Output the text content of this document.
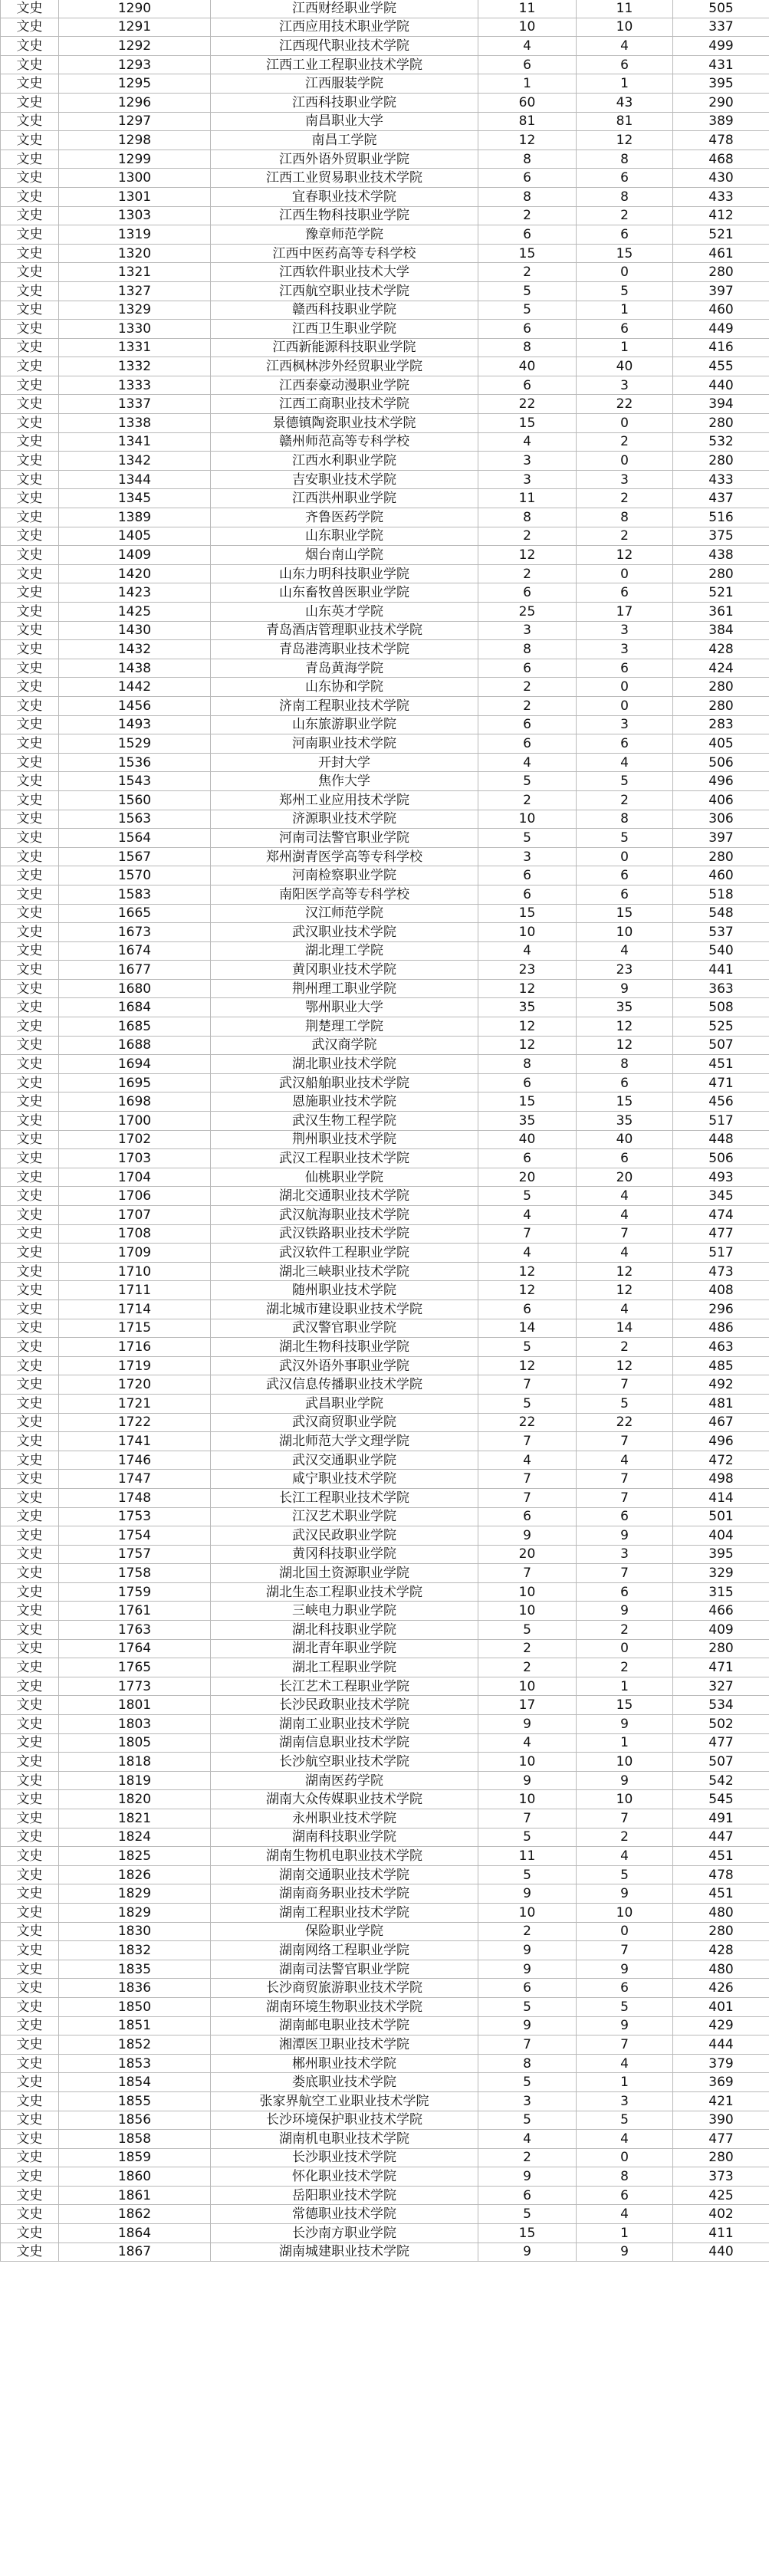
文史	1290	江西财经职业学院	11	11	505
文史	1291	江西应用技术职业学院	10	10	337
文史	1292	江西现代职业技术学院	4	4	499
文史	1293	江西工业工程职业技术学院	6	6	431
文史	1295	江西服装学院	1	1	395
文史	1296	江西科技职业学院	60	43	290
文史	1297	南昌职业大学	81	81	389
文史	1298	南昌工学院	12	12	478
文史	1299	江西外语外贸职业学院	8	8	468
文史	1300	江西工业贸易职业技术学院	6	6	430
文史	1301	宜春职业技术学院	8	8	433
文史	1303	江西生物科技职业学院	2	2	412
文史	1319	豫章师范学院	6	6	521
文史	1320	江西中医药高等专科学校	15	15	461
文史	1321	江西软件职业技术大学	2	0	280
文史	1327	江西航空职业技术学院	5	5	397
文史	1329	赣西科技职业学院	5	1	460
文史	1330	江西卫生职业学院	6	6	449
文史	1331	江西新能源科技职业学院	8	1	416
文史	1332	江西枫林涉外经贸职业学院	40	40	455
文史	1333	江西泰豪动漫职业学院	6	3	440
文史	1337	江西工商职业技术学院	22	22	394
文史	1338	景德镇陶瓷职业技术学院	15	0	280
文史	1341	赣州师范高等专科学校	4	2	532
文史	1342	江西水利职业学院	3	0	280
文史	1344	吉安职业技术学院	3	3	433
文史	1345	江西洪州职业学院	11	2	437
文史	1389	齐鲁医药学院	8	8	516
文史	1405	山东职业学院	2	2	375
文史	1409	烟台南山学院	12	12	438
文史	1420	山东力明科技职业学院	2	0	280
文史	1423	山东畜牧兽医职业学院	6	6	521
文史	1425	山东英才学院	25	17	361
文史	1430	青岛酒店管理职业技术学院	3	3	384
文史	1432	青岛港湾职业技术学院	8	3	428
文史	1438	青岛黄海学院	6	6	424
文史	1442	山东协和学院	2	0	280
文史	1456	济南工程职业技术学院	2	0	280
文史	1493	山东旅游职业学院	6	3	283
文史	1529	河南职业技术学院	6	6	405
文史	1536	开封大学	4	4	506
文史	1543	焦作大学	5	5	496
文史	1560	郑州工业应用技术学院	2	2	406
文史	1563	济源职业技术学院	10	8	306
文史	1564	河南司法警官职业学院	5	5	397
文史	1567	郑州澍青医学高等专科学校	3	0	280
文史	1570	河南检察职业学院	6	6	460
文史	1583	南阳医学高等专科学校	6	6	518
文史	1665	汉江师范学院	15	15	548
文史	1673	武汉职业技术学院	10	10	537
文史	1674	湖北理工学院	4	4	540
文史	1677	黄冈职业技术学院	23	23	441
文史	1680	荆州理工职业学院	12	9	363
文史	1684	鄂州职业大学	35	35	508
文史	1685	荆楚理工学院	12	12	525
文史	1688	武汉商学院	12	12	507
文史	1694	湖北职业技术学院	8	8	451
文史	1695	武汉船舶职业技术学院	6	6	471
文史	1698	恩施职业技术学院	15	15	456
文史	1700	武汉生物工程学院	35	35	517
文史	1702	荆州职业技术学院	40	40	448
文史	1703	武汉工程职业技术学院	6	6	506
文史	1704	仙桃职业学院	20	20	493
文史	1706	湖北交通职业技术学院	5	4	345
文史	1707	武汉航海职业技术学院	4	4	474
文史	1708	武汉铁路职业技术学院	7	7	477
文史	1709	武汉软件工程职业学院	4	4	517
文史	1710	湖北三峡职业技术学院	12	12	473
文史	1711	随州职业技术学院	12	12	408
文史	1714	湖北城市建设职业技术学院	6	4	296
文史	1715	武汉警官职业学院	14	14	486
文史	1716	湖北生物科技职业学院	5	2	463
文史	1719	武汉外语外事职业学院	12	12	485
文史	1720	武汉信息传播职业技术学院	7	7	492
文史	1721	武昌职业学院	5	5	481
文史	1722	武汉商贸职业学院	22	22	467
文史	1741	湖北师范大学文理学院	7	7	496
文史	1746	武汉交通职业学院	4	4	472
文史	1747	咸宁职业技术学院	7	7	498
文史	1748	长江工程职业技术学院	7	7	414
文史	1753	江汉艺术职业学院	6	6	501
文史	1754	武汉民政职业学院	9	9	404
文史	1757	黄冈科技职业学院	20	3	395
文史	1758	湖北国土资源职业学院	7	7	329
文史	1759	湖北生态工程职业技术学院	10	6	315
文史	1761	三峡电力职业学院	10	9	466
文史	1763	湖北科技职业学院	5	2	409
文史	1764	湖北青年职业学院	2	0	280
文史	1765	湖北工程职业学院	2	2	471
文史	1773	长江艺术工程职业学院	10	1	327
文史	1801	长沙民政职业技术学院	17	15	534
文史	1803	湖南工业职业技术学院	9	9	502
文史	1805	湖南信息职业技术学院	4	1	477
文史	1818	长沙航空职业技术学院	10	10	507
文史	1819	湖南医药学院	9	9	542
文史	1820	湖南大众传媒职业技术学院	10	10	545
文史	1821	永州职业技术学院	7	7	491
文史	1824	湖南科技职业学院	5	2	447
文史	1825	湖南生物机电职业技术学院	11	4	451
文史	1826	湖南交通职业技术学院	5	5	478
文史	1829	湖南商务职业技术学院	9	9	451
文史	1829	湖南工程职业技术学院	10	10	480
文史	1830	保险职业学院	2	0	280
文史	1832	湖南网络工程职业学院	9	7	428
文史	1835	湖南司法警官职业学院	9	9	480
文史	1836	长沙商贸旅游职业技术学院	6	6	426
文史	1850	湖南环境生物职业技术学院	5	5	401
文史	1851	湖南邮电职业技术学院	9	9	429
文史	1852	湘潭医卫职业技术学院	7	7	444
文史	1853	郴州职业技术学院	8	4	379
文史	1854	娄底职业技术学院	5	1	369
文史	1855	张家界航空工业职业技术学院	3	3	421
文史	1856	长沙环境保护职业技术学院	5	5	390
文史	1858	湖南机电职业技术学院	4	4	477
文史	1859	长沙职业技术学院	2	0	280
文史	1860	怀化职业技术学院	9	8	373
文史	1861	岳阳职业技术学院	6	6	425
文史	1862	常德职业技术学院	5	4	402
文史	1864	长沙南方职业学院	15	1	411
文史	1867	湖南城建职业技术学院	9	9	440
